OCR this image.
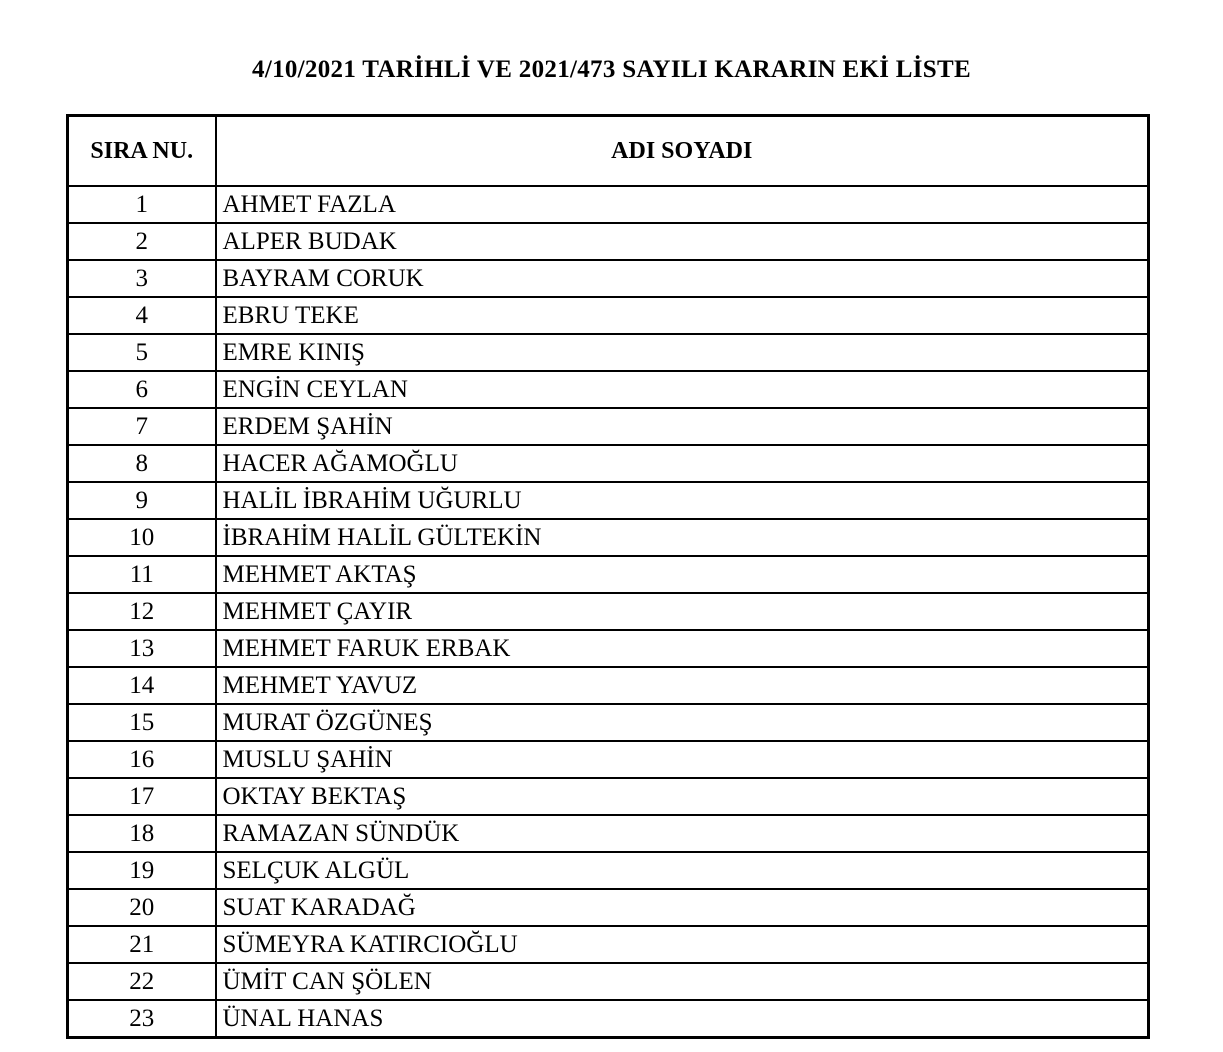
4/10/2021 TARİHLİ VE 2021/473 SAYILI KARARIN EKİ LİSTE
SIRA NU.	ADI SOYADI
1	AHMET FAZLA
2	ALPER BUDAK
3	BAYRAM CORUK
4	EBRU TEKE
5	EMRE KINIŞ
6	ENGİN CEYLAN
7	ERDEM ŞAHİN
8	HACER AĞAMOĞLU
9	HALİL İBRAHİM UĞURLU
10	İBRAHİM HALİL GÜLTEKİN
11	MEHMET AKTAŞ
12	MEHMET ÇAYIR
13	MEHMET FARUK ERBAK
14	MEHMET YAVUZ
15	MURAT ÖZGÜNEŞ
16	MUSLU ŞAHİN
17	OKTAY BEKTAŞ
18	RAMAZAN SÜNDÜK
19	SELÇUK ALGÜL
20	SUAT KARADAĞ
21	SÜMEYRA KATIRCIOĞLU
22	ÜMİT CAN ŞÖLEN
23	ÜNAL HANAS
